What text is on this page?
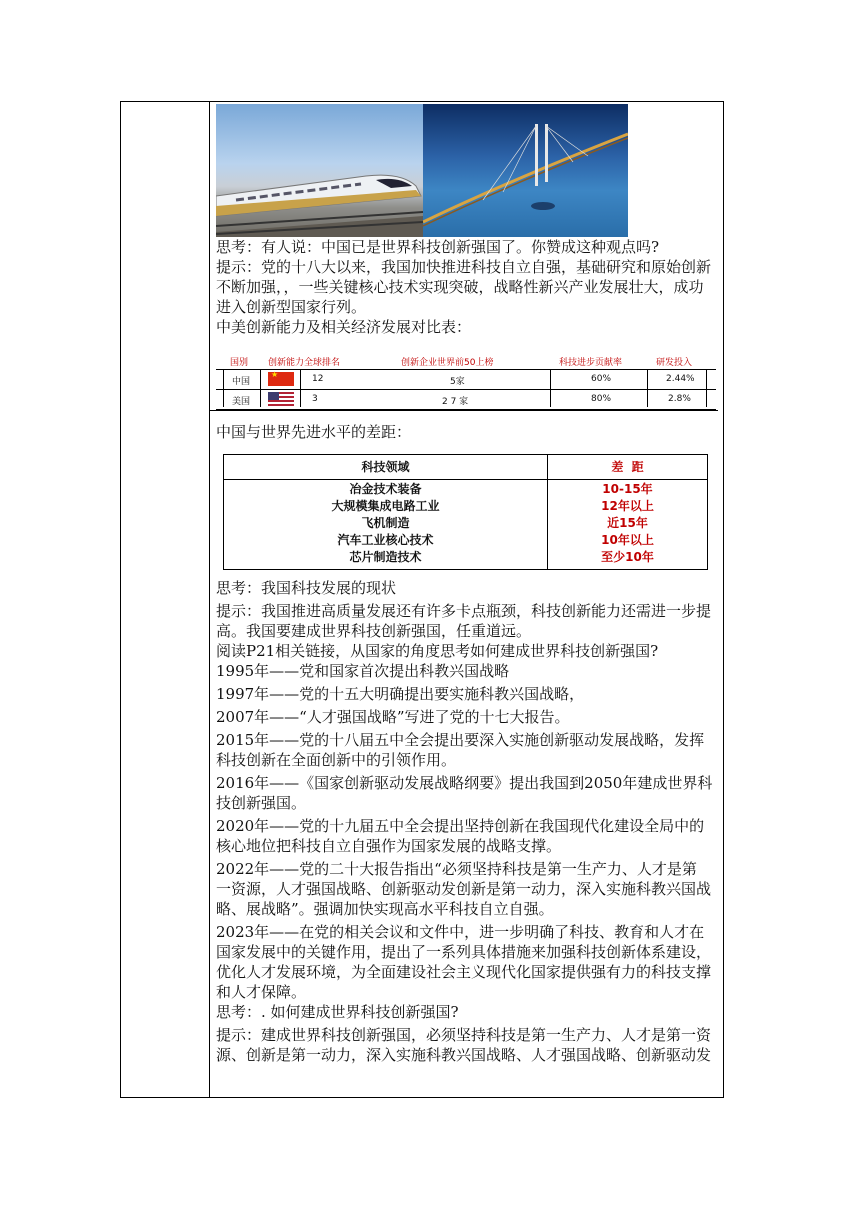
思考：有人说：中国已是世界科技创新强国了。你赞成这种观点吗?

提示：党的十八大以来，我国加快推进科技自立自强，基础研究和原始创新

不断加强，，一些关键核心技术实现突破，战略性新兴产业发展壮大，成功

进入创新型国家行列。

中美创新能力及相关经济发展对比表：

国别 创新能力全球排名	创新企业世界前50上榜	科技进步贡献率	研发投入
中国
★	12	5家	60%	2.44%
美国	3	2 7 家	80%	2.8%

中国与世界先进水平的差距：

科技领域	差  距
冶金技术装备
大规模集成电路工业
飞机制造
汽车工业核心技术
芯片制造技术
10-15年
12年以上
近15年
10年以上
至少10年

思考：我国科技发展的现状

提示：我国推进高质量发展还有许多卡点瓶颈，科技创新能力还需进一步提

高。我国要建成世界科技创新强国，任重道远。

阅读P21相关链接，从国家的角度思考如何建成世界科技创新强国?

1995年——党和国家首次提出科教兴国战略

1997年——党的十五大明确提出要实施科教兴国战略，

2007年——“人才强国战略”写进了党的十七大报告。

2015年——党的十八届五中全会提出要深入实施创新驱动发展战略，发挥

科技创新在全面创新中的引领作用。

2016年——《国家创新驱动发展战略纲要》提出我国到2050年建成世界科

技创新强国。

2020年——党的十九届五中全会提出坚持创新在我国现代化建设全局中的

核心地位把科技自立自强作为国家发展的战略支撑。

2022年——党的二十大报告指出“必须坚持科技是第一生产力、人才是第

一资源，人才强国战略、创新驱动发创新是第一动力，深入实施科教兴国战

略、展战略”。强调加快实现高水平科技自立自强。

2023年——在党的相关会议和文件中，进一步明确了科技、教育和人才在

国家发展中的关键作用，提出了一系列具体措施来加强科技创新体系建设，

优化人才发展环境，为全面建设社会主义现代化国家提供强有力的科技支撑

和人才保障。

思考：. 如何建成世界科技创新强国?

提示：建成世界科技创新强国，必须坚持科技是第一生产力、人才是第一资

源、创新是第一动力，深入实施科教兴国战略、人才强国战略、创新驱动发
